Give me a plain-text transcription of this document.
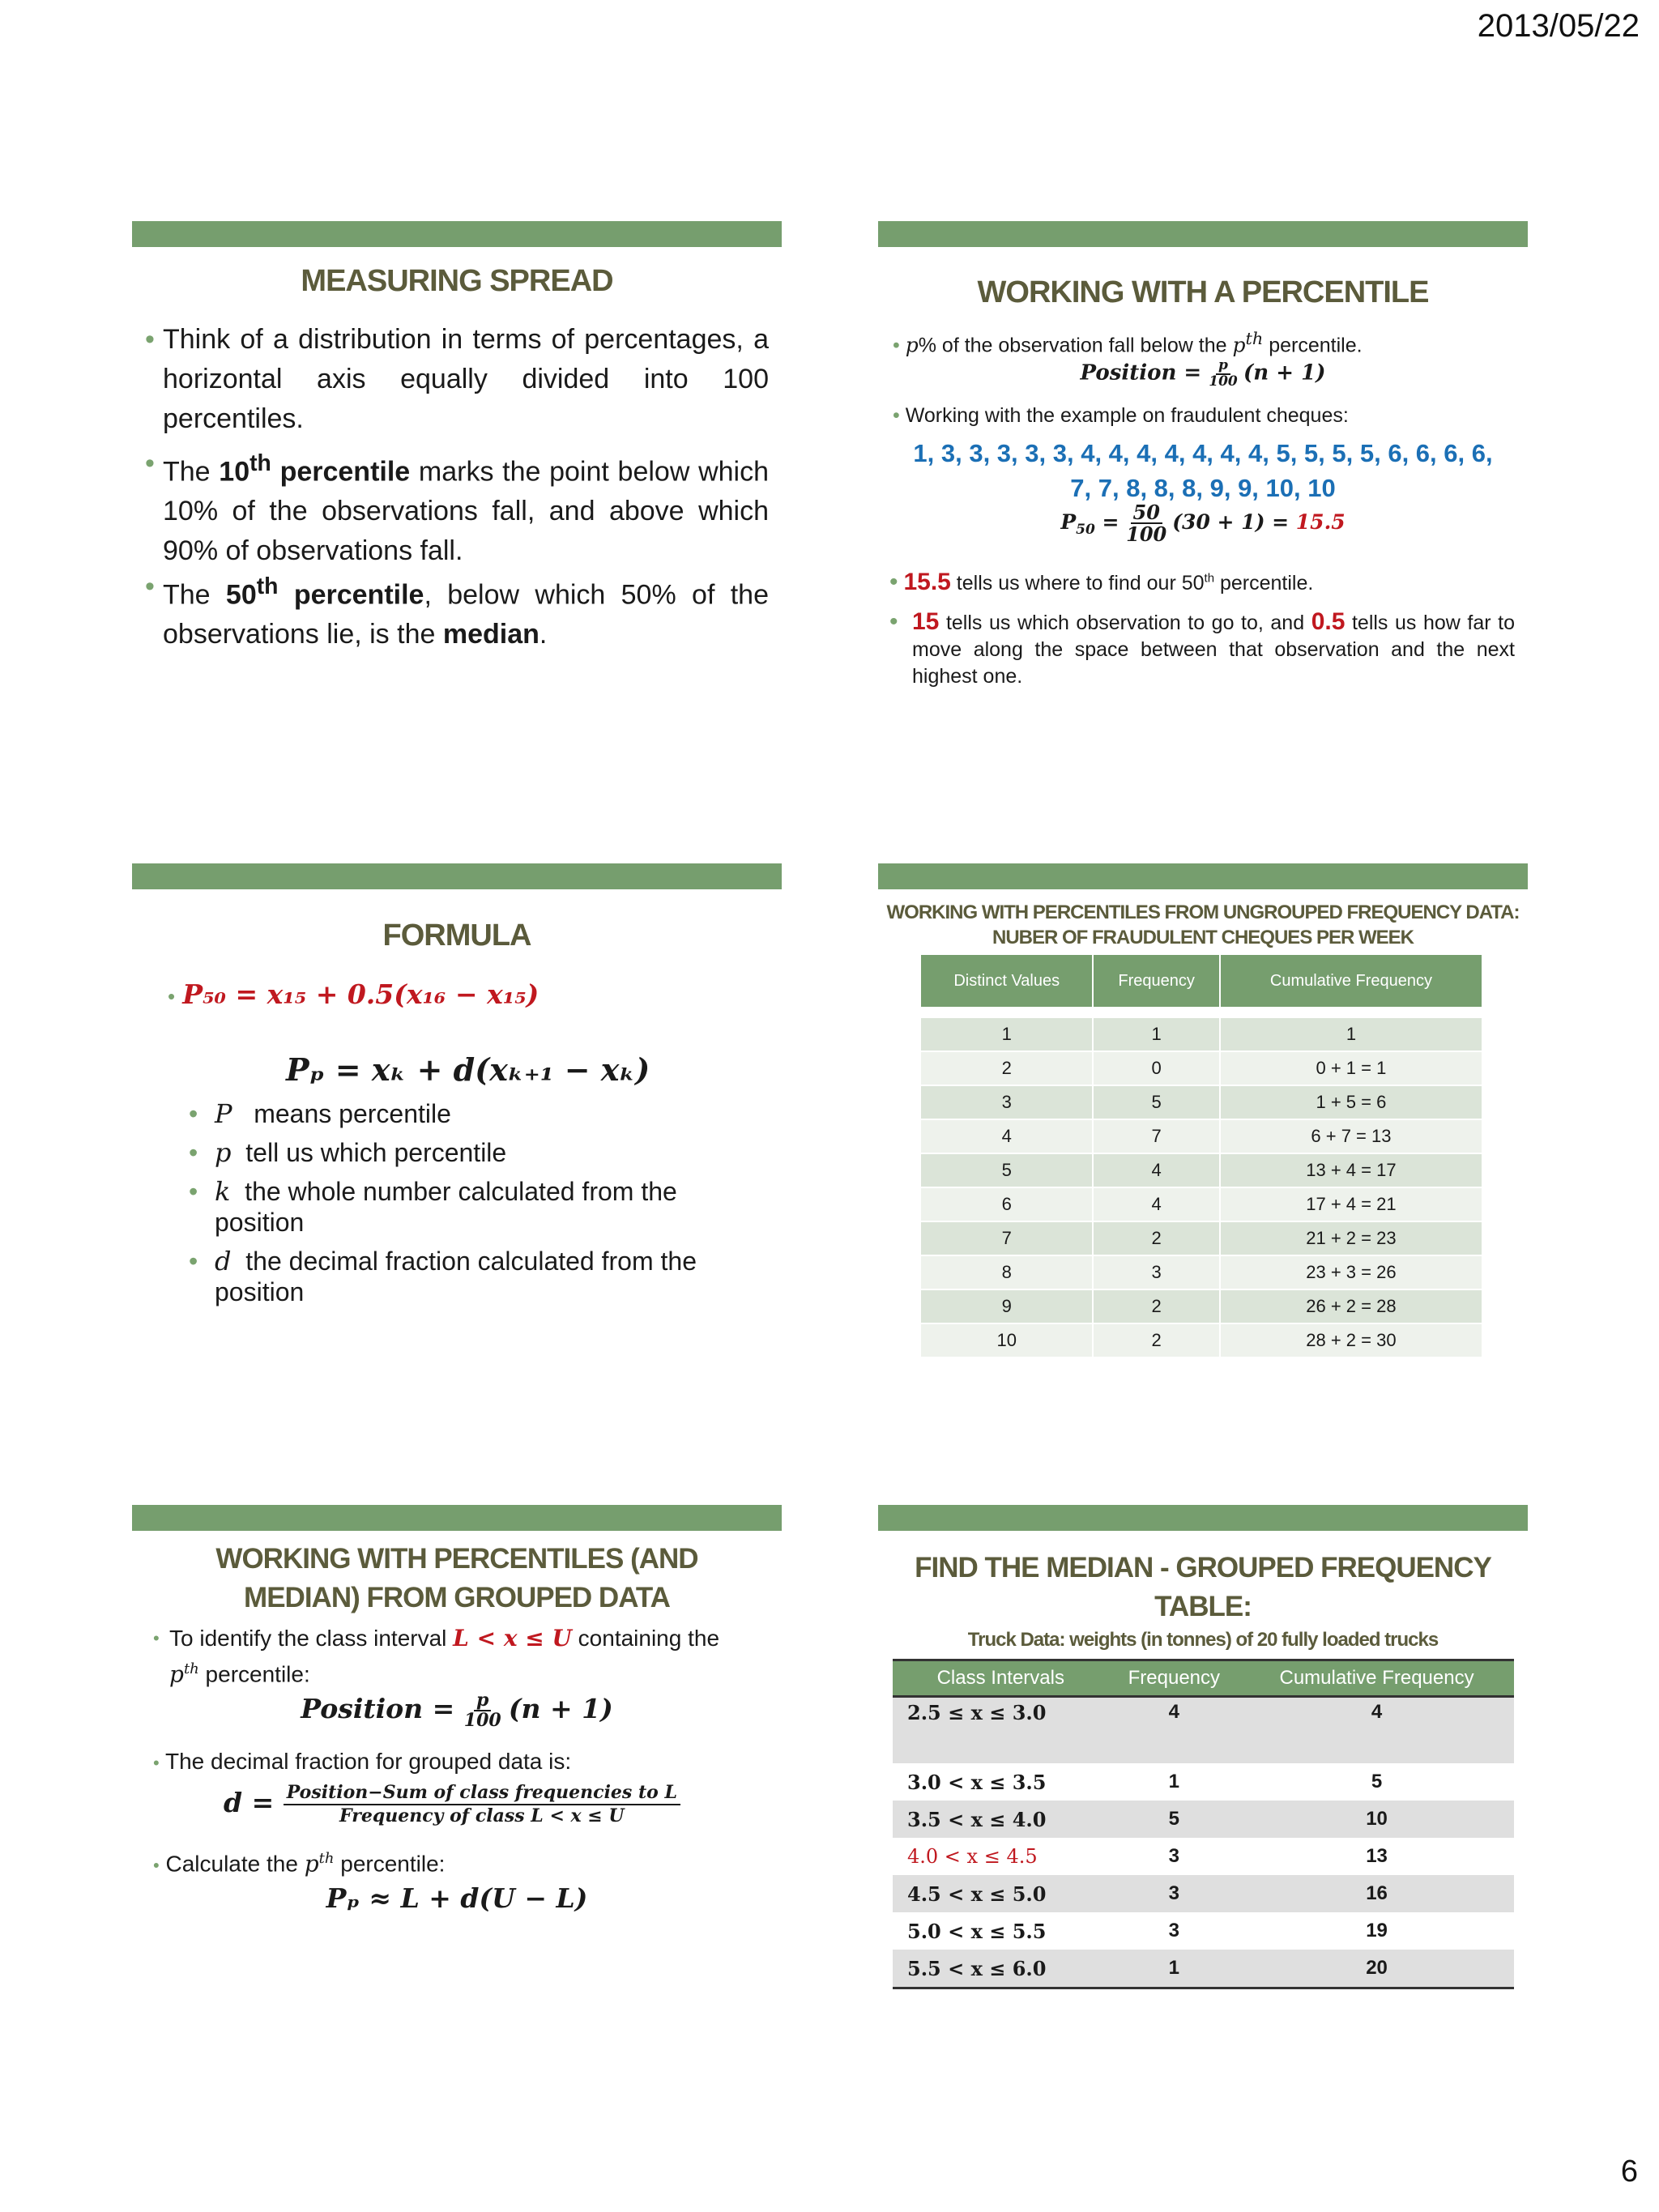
2013/05/22
MEASURING SPREAD
• Think of a distribution in terms of percentages, a horizontal axis equally divided into 100 percentiles.
• The 10th percentile marks the point below which 10% of the observations fall, and above which 90% of observations fall.
• The 50th percentile, below which 50% of the observations lie, is the median.
WORKING WITH A PERCENTILE
• p% of the observation fall below the $p^{th}$ percentile.
Position = $\frac{p}{100} (n + 1)$
• Working with the example on fraudulent cheques:
1, 3, 3, 3, 3, 3, 4, 4, 4, 4, 4, 4, 4, 5, 5, 5, 5, 6, 6, 6, 6,
7, 7, 8, 8, 8, 9, 9, 10, 10
$P_{50} = \frac{50}{100} (30 + 1) = 15.5$
• 15.5 tells us where to find our 50th percentile.
• 15 tells us which observation to go to, and 0.5 tells us how far to move along the space between that observation and the next highest one.
FORMULA
• P₅₀ = x₁₅ + 0.5(x₁₆ − x₁₅)
Pₚ = xₖ + d(xₖ₊₁ − xₖ)
• P means percentile
• p tell us which percentile
• k the whole number calculated from the position
• d the decimal fraction calculated from the position
WORKING WITH PERCENTILES FROM UNGROUPED FREQUENCY DATA:
NUBER OF FRAUDULENT CHEQUES PER WEEK
Distinct Values	Frequency	Cumulative Frequency

1	1	1
2	0	0 + 1 = 1
3	5	1 + 5 = 6
4	7	6 + 7 = 13
5	4	13 + 4 = 17
6	4	17 + 4 = 21
7	2	21 + 2 = 23
8	3	23 + 3 = 26
9	2	26 + 2 = 28
10	2	28 + 2 = 30
WORKING WITH PERCENTILES (AND
MEDIAN) FROM GROUPED DATA
• To identify the class interval L < x ≤ U containing the
$p^{th}$ percentile:
Position = $\frac{p}{100} (n + 1)$
• The decimal fraction for grouped data is:
$d = \frac{\text{Position−Sum of class frequencies to L}}{\text{Frequency of class L < x ≤ U}}$
• Calculate the $p^{th}$ percentile:
Pₚ ≈ L + d(U − L)
FIND THE MEDIAN - GROUPED FREQUENCY
TABLE:
Truck Data: weights (in tonnes) of 20 fully loaded trucks
Class Intervals	Frequency	Cumulative Frequency
2.5 ≤ x ≤ 3.0	4	4
3.0 < x ≤ 3.5	1	5
3.5 < x ≤ 4.0	5	10
4.0 < x ≤ 4.5	3	13
4.5 < x ≤ 5.0	3	16
5.0 < x ≤ 5.5	3	19
5.5 < x ≤ 6.0	1	20
6
